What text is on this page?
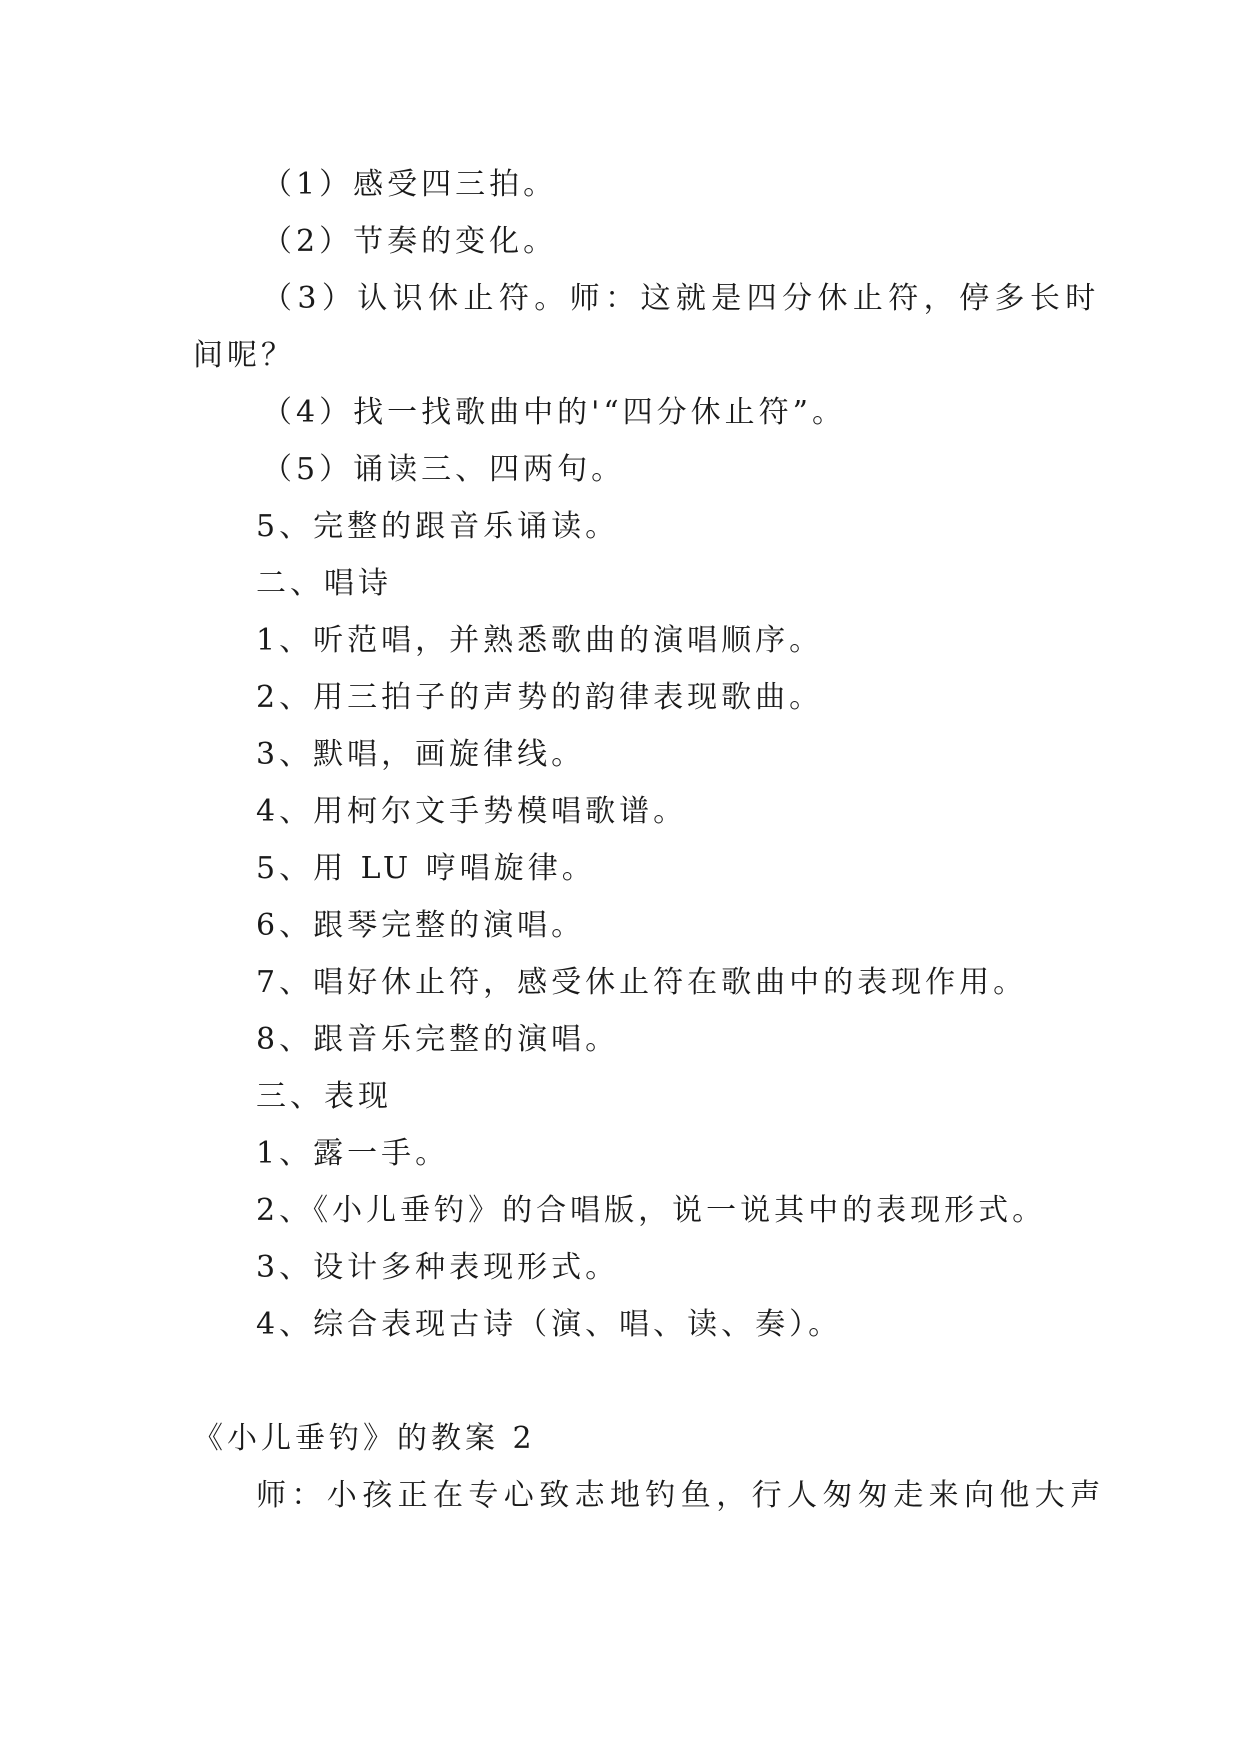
（1）感受四三拍。
（2）节奏的变化。
（3）认识休止符。师：这就是四分休止符，停多长时
间呢？
（4）找一找歌曲中的'“四分休止符”。
（5）诵读三、四两句。
5、完整的跟音乐诵读。
二、唱诗
1、听范唱，并熟悉歌曲的演唱顺序。
2、用三拍子的声势的韵律表现歌曲。
3、默唱，画旋律线。
4、用柯尔文手势模唱歌谱。
5、用 LU 哼唱旋律。
6、跟琴完整的演唱。
7、唱好休止符，感受休止符在歌曲中的表现作用。
8、跟音乐完整的演唱。
三、表现
1、露一手。
2、《小儿垂钓》的合唱版，说一说其中的表现形式。
3、设计多种表现形式。
4、综合表现古诗（演、唱、读、奏）。
《小儿垂钓》的教案 2
师：小孩正在专心致志地钓鱼，行人匆匆走来向他大声
